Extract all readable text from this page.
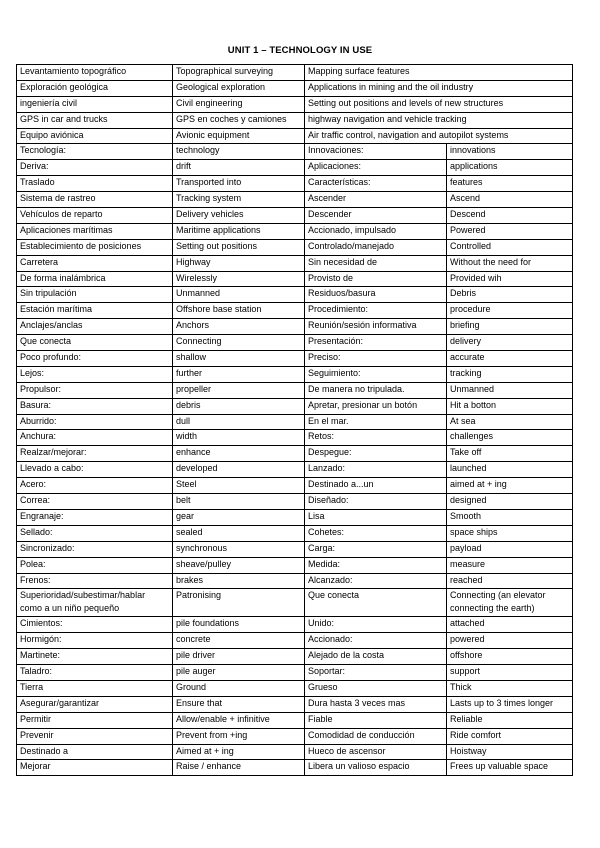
UNIT 1 – TECHNOLOGY IN USE
Levantamiento topográfico	Topographical surveying	Mapping surface features	
Exploración geológica	Geological exploration	Applications in mining and the oil industry	
ingeniería civil	Civil engineering	Setting out positions and levels of new structures	
GPS in car and trucks	GPS en coches y camiones	highway navigation and vehicle tracking	
Equipo aviónica	Avionic equipment	Air traffic control, navigation and autopilot systems	
Tecnología:	technology	Innovaciones:	innovations
Deriva:	drift	Aplicaciones:	applications
Traslado	Transported into	Características:	features
Sistema de rastreo	Tracking system	Ascender	Ascend
Vehículos de reparto	Delivery vehicles	Descender	Descend
Aplicaciones marítimas	Maritime applications	Accionado, impulsado	Powered
Establecimiento de posiciones	Setting out positions	Controlado/manejado	Controlled
Carretera	Highway	Sin necesidad de	Without the need for
De forma inalámbrica	Wirelessly	Provisto de	Provided wih
Sin tripulación	Unmanned	Residuos/basura	Debris
Estación marítima	Offshore base station	Procedimiento:	procedure
Anclajes/anclas	Anchors	Reunión/sesión informativa	briefing
Que conecta	Connecting	Presentación:	delivery
Poco profundo:	shallow	Preciso:	accurate
Lejos:	further	Seguimiento:	tracking
Propulsor:	propeller	De manera no tripulada.	Unmanned
Basura:	debris	Apretar, presionar un botón	Hit a botton
Aburrido:	dull	En el mar.	At sea
Anchura:	width	Retos:	challenges
Realzar/mejorar:	enhance	Despegue:	Take off
Llevado a cabo:	developed	Lanzado:	launched
Acero:	Steel	Destinado a...un	aimed at + ing
Correa:	belt	Diseñado:	designed
Engranaje:	gear	Lisa	Smooth
Sellado:	sealed	Cohetes:	space ships
Sincronizado:	synchronous	Carga:	payload
Polea:	sheave/pulley	Medida:	measure
Frenos:	brakes	Alcanzado:	reached
Superioridad/subestimar/hablar como a un niño pequeño	Patronising	Que conecta	Connecting (an elevator connecting the earth)
Cimientos:	pile foundations	Unido:	attached
Hormigón:	concrete	Accionado:	powered
Martinete:	pile driver	Alejado de la costa	offshore
Taladro:	pile auger	Soportar:	support
Tierra	Ground	Grueso	Thick
Asegurar/garantizar	Ensure that	Dura hasta 3 veces mas	Lasts up to 3 times longer
Permitir	Allow/enable + infinitive	Fiable	Reliable
Prevenir	Prevent from +ing	Comodidad de conducción	Ride comfort
Destinado a	Aimed at + ing	Hueco de ascensor	Hoistway
Mejorar	Raise / enhance	Libera un valioso espacio	Frees up valuable space
